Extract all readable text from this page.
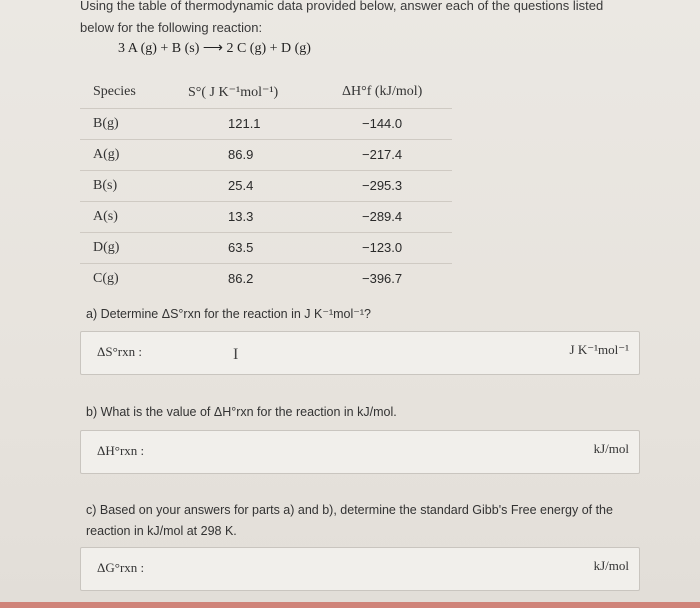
Using the table of thermodynamic data provided below, answer each of the questions listed
below for the following reaction:
3 A (g) + B (s) ⟶ 2 C (g) + D (g)
Species	S°( J K⁻¹mol⁻¹)	ΔH°f (kJ/mol)
B(g)	121.1	−144.0
A(g)	86.9	−217.4
B(s)	25.4	−295.3
A(s)	13.3	−289.4
D(g)	63.5	−123.0
C(g)	86.2	−396.7
a) Determine ΔS°rxn for the reaction in J K⁻¹mol⁻¹?
ΔS°rxn :	I	J K⁻¹mol⁻¹
b) What is the value of ΔH°rxn for the reaction in kJ/mol.
ΔH°rxn :	kJ/mol
c) Based on your answers for parts a) and b), determine the standard Gibb's Free energy of the
reaction in kJ/mol at 298 K.
ΔG°rxn :	kJ/mol
